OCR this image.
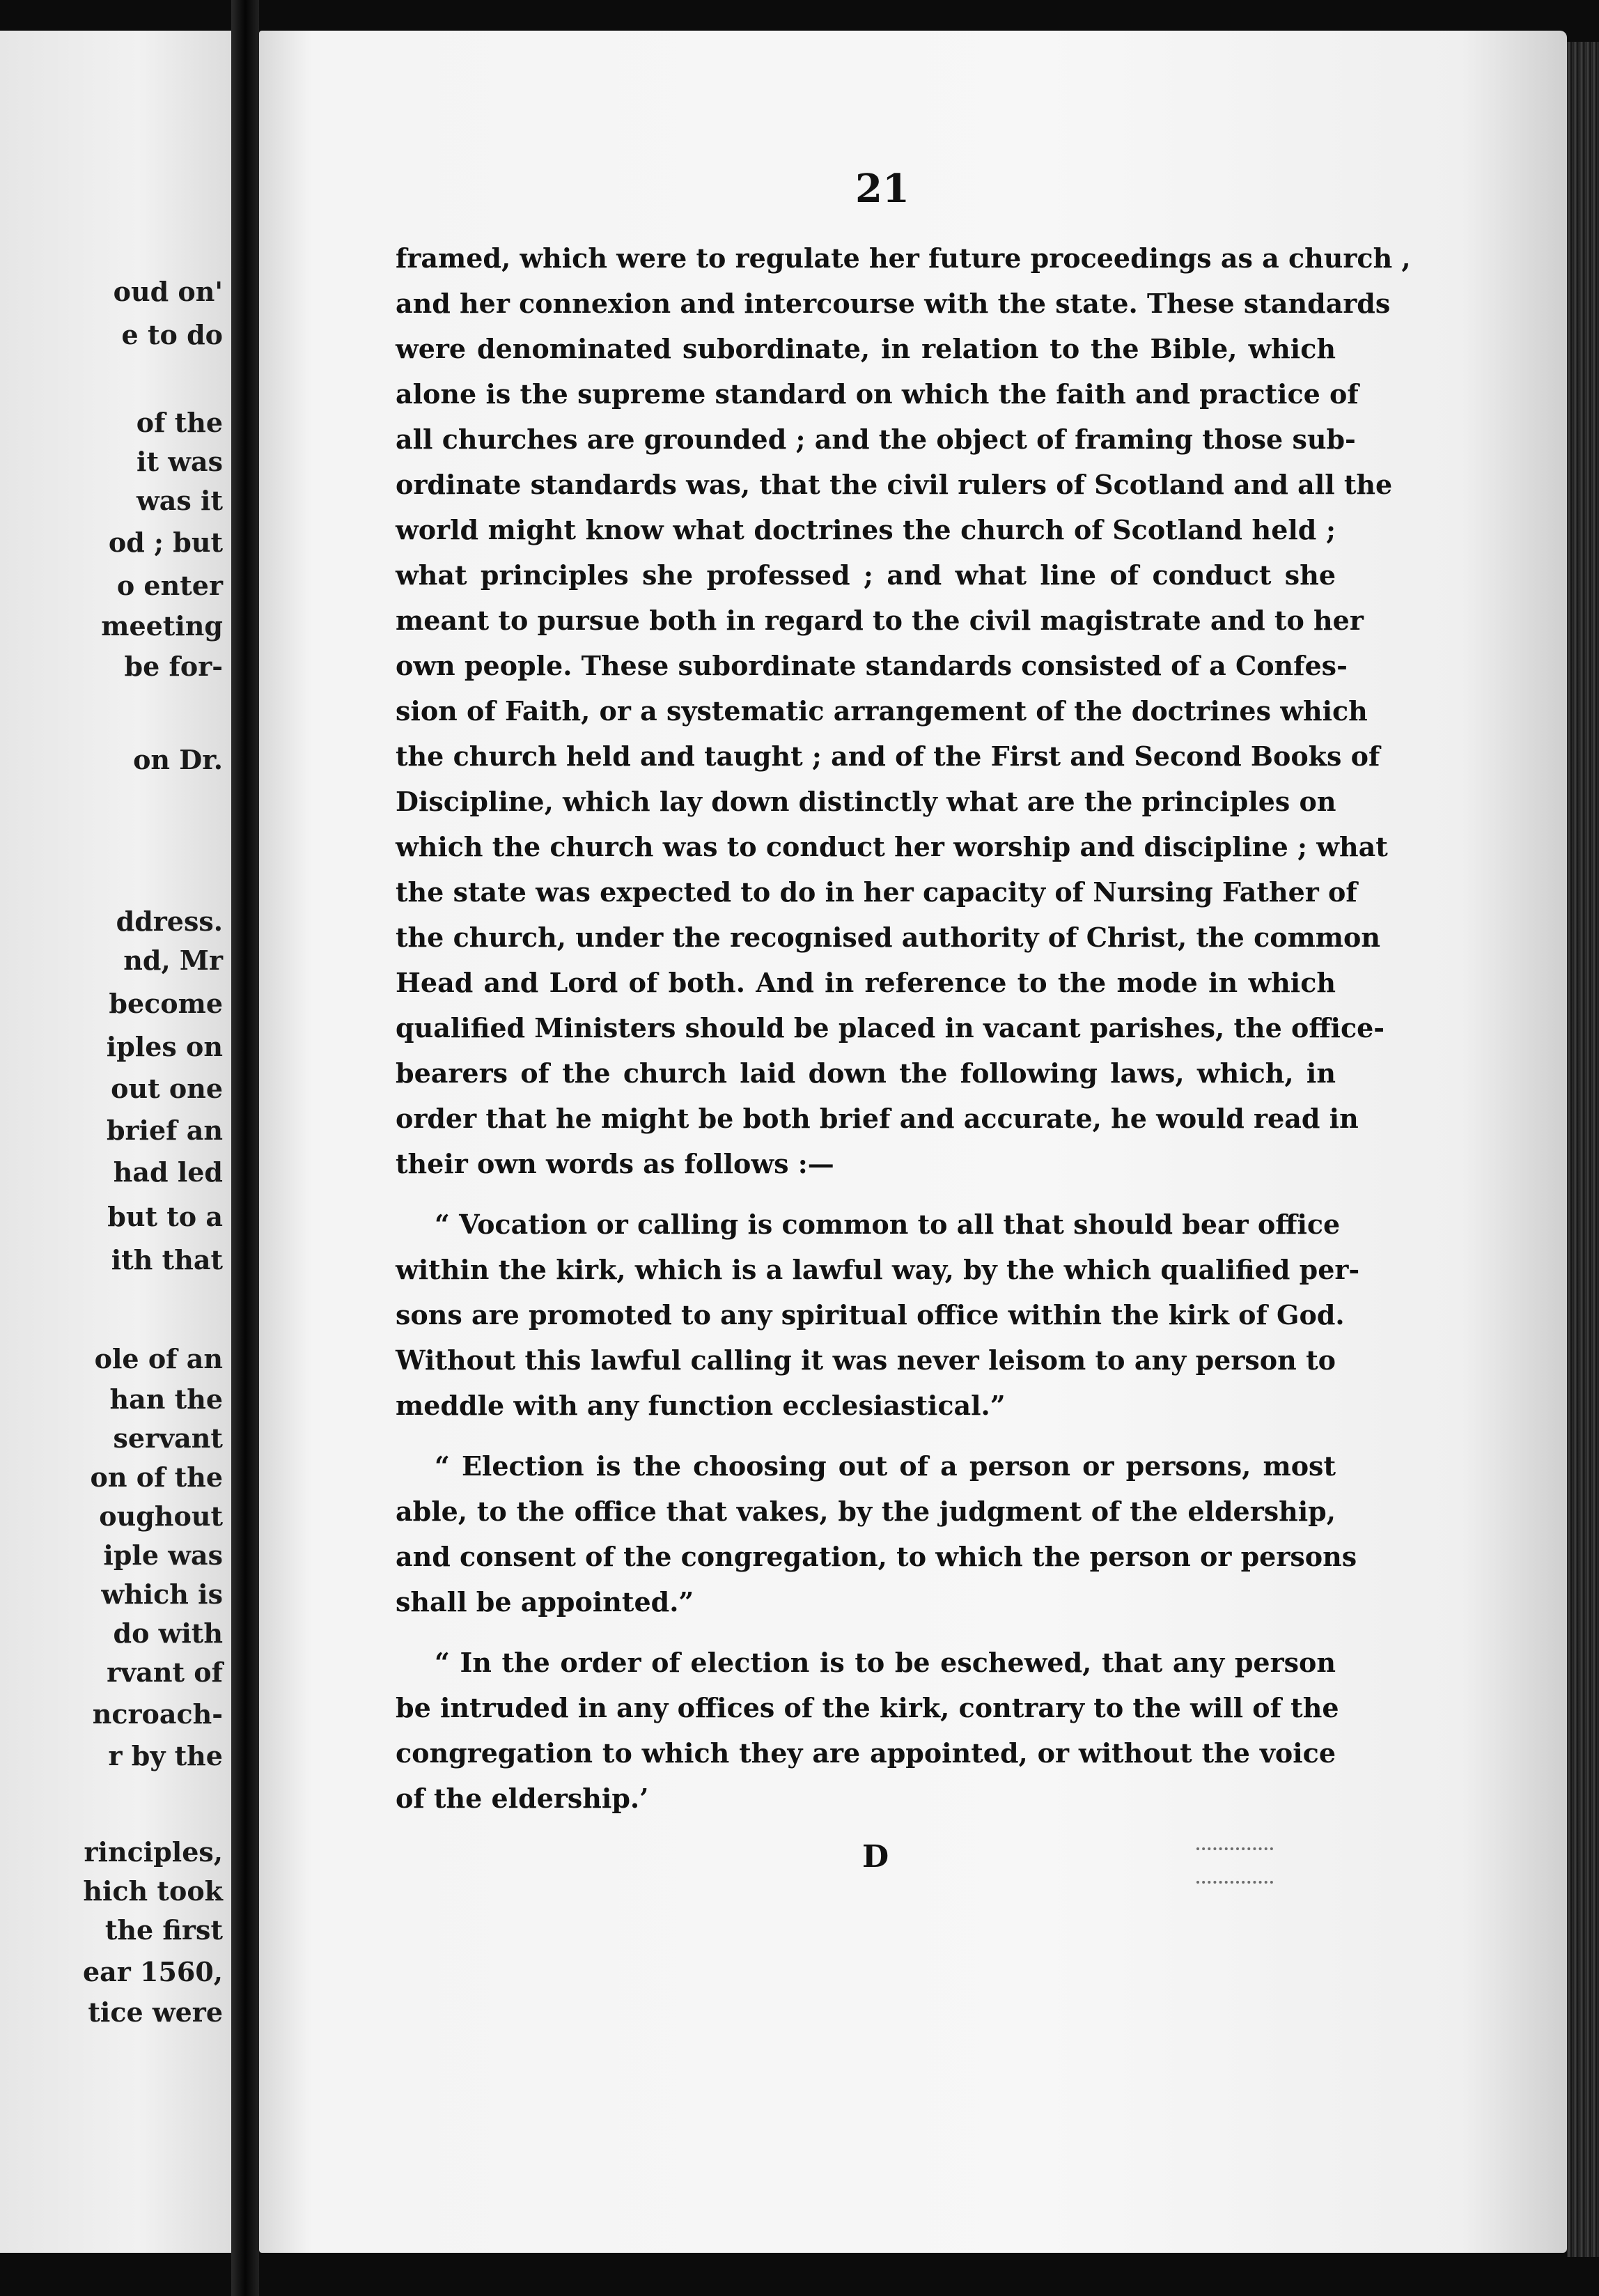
oud on'
e to do
of the
it was
was it
od ; but
o enter
meeting
be for-
on Dr.
ddress.
nd, Mr
become
iples on
out one
brief an
had led
but to a
ith that
ole of an
han the
servant
on of the
oughout
iple was
which is
do with
rvant of
ncroach-
r by the
rinciples,
hich took
the first
ear 1560,
tice were
21
framed, which were to regulate her future proceedings as a church ,
and her connexion and intercourse with the state. These standards
were denominated subordinate, in relation to the Bible, which
alone is the supreme standard on which the faith and practice of
all churches are grounded ; and the object of framing those sub-
ordinate standards was, that the civil rulers of Scotland and all the
world might know what doctrines the church of Scotland held ;
what principles she professed ; and what line of conduct she
meant to pursue both in regard to the civil magistrate and to her
own people. These subordinate standards consisted of a Confes-
sion of Faith, or a systematic arrangement of the doctrines which
the church held and taught ; and of the First and Second Books of
Discipline, which lay down distinctly what are the principles on
which the church was to conduct her worship and discipline ; what
the state was expected to do in her capacity of Nursing Father of
the church, under the recognised authority of Christ, the common
Head and Lord of both. And in reference to the mode in which
qualified Ministers should be placed in vacant parishes, the office-
bearers of the church laid down the following laws, which, in
order that he might be both brief and accurate, he would read in
their own words as follows :—
“ Vocation or calling is common to all that should bear office
within the kirk, which is a lawful way, by the which qualified per-
sons are promoted to any spiritual office within the kirk of God.
Without this lawful calling it was never leisom to any person to
meddle with any function ecclesiastical.”
“ Election is the choosing out of a person or persons, most
able, to the office that vakes, by the judgment of the eldership,
and consent of the congregation, to which the person or persons
shall be appointed.”
“ In the order of election is to be eschewed, that any person
be intruded in any offices of the kirk, contrary to the will of the
congregation to which they are appointed, or without the voice
of the eldership.’
D
